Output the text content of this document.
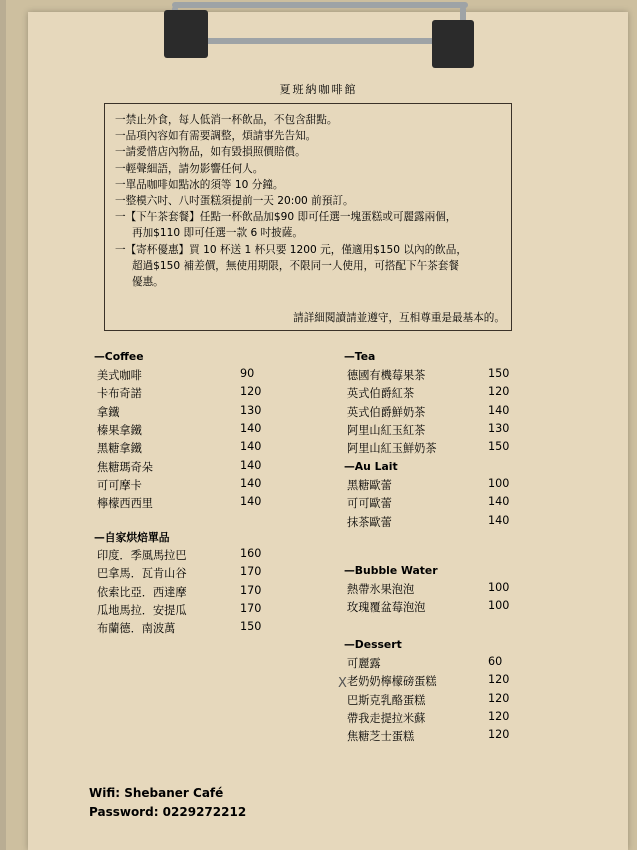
夏班納咖啡館
一禁止外食，每人低消一杯飲品，不包含甜點。
一品項內容如有需要調整，煩請事先告知。
一請愛惜店內物品，如有毀損照價賠償。
一輕聲細語，請勿影響任何人。
一單品咖啡如點冰的須等 10 分鐘。
一整模六吋、八吋蛋糕須提前一天 20:00 前預訂。
一【下午茶套餐】任點一杯飲品加$90 即可任選一塊蛋糕或可麗露兩個，
再加$110 即可任選一款 6 吋披薩。
一【寄杯優惠】買 10 杯送 1 杯只要 1200 元，僅適用$150 以內的飲品，
超過$150 補差價，無使用期限，不限同一人使用，可搭配下午茶套餐
優惠。
請詳細閱讀請並遵守，互相尊重是最基本的。
—Coffee
美式咖啡	90
卡布奇諾	120
拿鐵	130
榛果拿鐵	140
黑糖拿鐵	140
焦糖瑪奇朵	140
可可摩卡	140
檸檬西西里	140
—自家烘焙單品
印度．季風馬拉巴	160
巴拿馬．瓦肯山谷	170
依索比亞．西達摩	170
瓜地馬拉．安提瓜	170
布蘭德．南波萬	150
—Tea
德國有機莓果茶	150
英式伯爵紅茶	120
英式伯爵鮮奶茶	140
阿里山紅玉紅茶	130
阿里山紅玉鮮奶茶	150
—Au Lait
黑糖歐蕾	100
可可歐蕾	140
抹茶歐蕾	140
—Bubble Water
熱帶氷果泡泡	100
玫瑰覆盆莓泡泡	100
—Dessert
可麗露	60
老奶奶檸檬磅蛋糕	120
巴斯克乳酪蛋糕	120
帶我走提拉米蘇	120
焦糖芝士蛋糕	120
X
Wifi: Shebaner Café
Password: 0229272212
